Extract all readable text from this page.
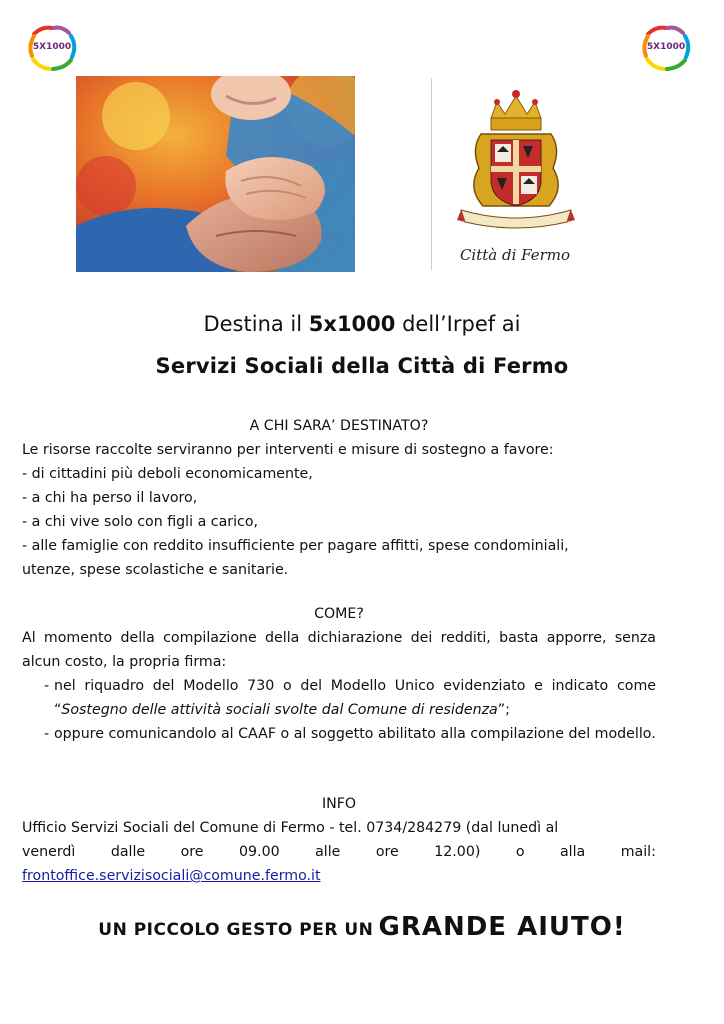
5X1000	5X1000
Città di Fermo
Destina il 5x1000 dell’Irpef ai
Servizi Sociali della Città di Fermo
A CHI SARA’ DESTINATO?
Le risorse raccolte serviranno per interventi e misure di sostegno a favore:
- di cittadini più deboli economicamente,
- a chi ha perso il lavoro,
- a chi vive solo con figli a carico,
- alle famiglie con reddito insufficiente per pagare affitti, spese condominiali,
utenze, spese scolastiche e sanitarie.
COME?
Al momento della compilazione della dichiarazione dei redditi, basta apporre, senza alcun costo, la propria firma:
- nel riquadro del Modello 730 o del Modello Unico evidenziato e indicato come “Sostegno delle attività sociali svolte dal Comune di residenza”;
- oppure comunicandolo al CAAF o al soggetto abilitato alla compilazione del modello.
INFO
Ufficio Servizi Sociali del Comune di Fermo - tel. 0734/284279 (dal lunedì al
venerdì dalle ore 09.00 alle ore 12.00) o alla mail:
frontoffice.servizisociali@comune.fermo.it
UN PICCOLO GESTO PER UN GRANDE AIUTO!
